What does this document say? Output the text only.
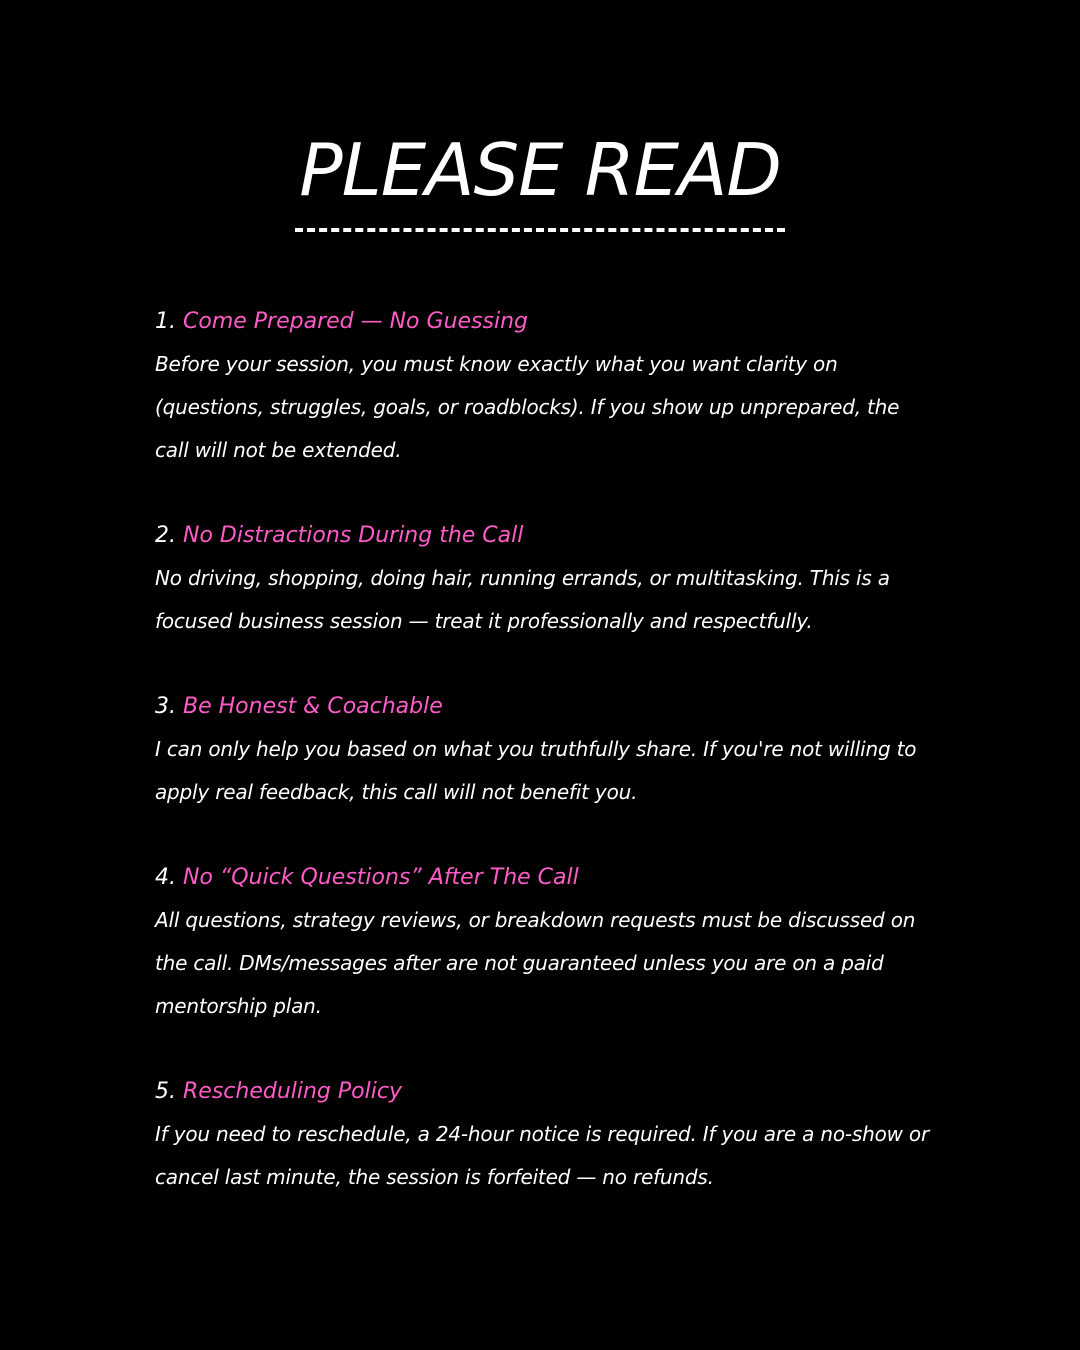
PLEASE READ
1. Come Prepared — No Guessing

Before your session, you must know exactly what you want clarity on (questions, struggles, goals, or roadblocks). If you show up unprepared, the call will not be extended.

2. No Distractions During the Call

No driving, shopping, doing hair, running errands, or multitasking. This is a focused business session — treat it professionally and respectfully.

3. Be Honest & Coachable

I can only help you based on what you truthfully share. If you're not willing to apply real feedback, this call will not benefit you.

4. No “Quick Questions” After The Call

All questions, strategy reviews, or breakdown requests must be discussed on the call. DMs/messages after are not guaranteed unless you are on a paid mentorship plan.

5. Rescheduling Policy

If you need to reschedule, a 24-hour notice is required. If you are a no-show or cancel last minute, the session is forfeited — no refunds.
